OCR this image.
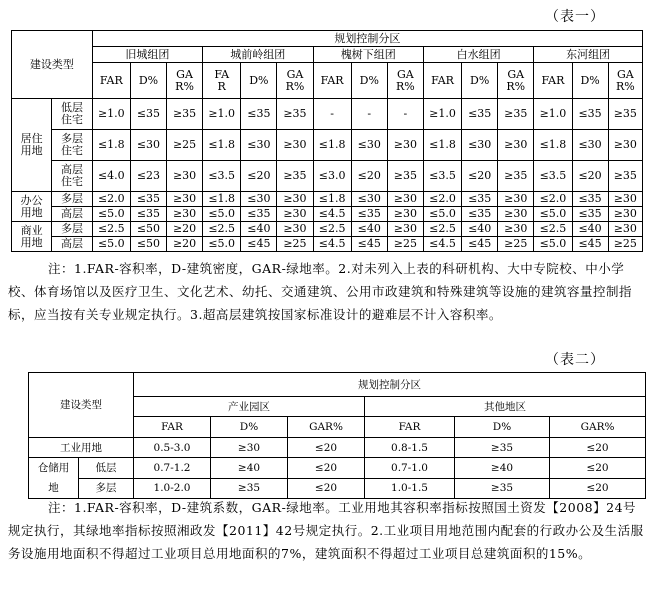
（表一）
建设类型		规划控制分区														
		旧城组团			城前岭组团			槐树下组团			白水组团			东河组团		
		FAR	D%	GAR%	FA R	D%	GAR%	FAR	D%	GAR%	FAR	D%	GAR%	FAR	D%	GAR%
居住用地	低层住宅	≥1.0	≤35	≥35	≥1.0	≤35	≥35	-	-	-	≥1.0	≤35	≥35	≥1.0	≤35	≥35
	多层住宅	≤1.8	≤30	≥25	≤1.8	≤30	≥30	≤1.8	≤30	≥30	≤1.8	≤30	≥30	≤1.8	≤30	≥30
	高层住宅	≤4.0	≤23	≥30	≤3.5	≤20	≥35	≤3.0	≤20	≥35	≤3.5	≤20	≥35	≤3.5	≤20	≥35
办公用地	多层	≤2.0	≤35	≥30	≤1.8	≤30	≥30	≤1.8	≤30	≥30	≤2.0	≤35	≥30	≤2.0	≤35	≥30
	高层	≤5.0	≤35	≥30	≤5.0	≤35	≥30	≤4.5	≤35	≥30	≤5.0	≤35	≥30	≤5.0	≤35	≥30
商业用地	多层	≤2.5	≤50	≥20	≤2.5	≤40	≥30	≤2.5	≤40	≥30	≤2.5	≤40	≥30	≤2.5	≤40	≥30
	高层	≤5.0	≤50	≥20	≤5.0	≤45	≥25	≤4.5	≤45	≥25	≤4.5	≤45	≥25	≤5.0	≤45	≥25
注：1.FAR-容积率，D-建筑密度，GAR-绿地率。2.对未列入上表的科研机构、大中专院校、中小学校、体育场馆以及医疗卫生、文化艺术、幼托、交通建筑、公用市政建筑和特殊建筑等设施的建筑容量控制指标，应当按有关专业规定执行。3.超高层建筑按国家标准设计的避难层不计入容积率。
（表二）
建设类型		规划控制分区					
		产业园区			其他地区		
		FAR	D%	GAR%	FAR	D%	GAR%
工业用地		0.5-3.0	≥30	≤20	0.8-1.5	≥35	≤20

仓储用
地	低层	0.7-1.2	≥40	≤20	0.7-1.0	≥40	≤20
	多层	1.0-2.0	≥35	≤20	1.0-1.5	≥35	≤20
注：1.FAR-容积率，D-建筑系数，GAR-绿地率。工业用地其容积率指标按照国土资发【2008】24号规定执行，其绿地率指标按照湘政发【2011】42号规定执行。2.工业项目用地范围内配套的行政办公及生活服务设施用地面积不得超过工业项目总用地面积的7%，建筑面积不得超过工业项目总建筑面积的15%。
